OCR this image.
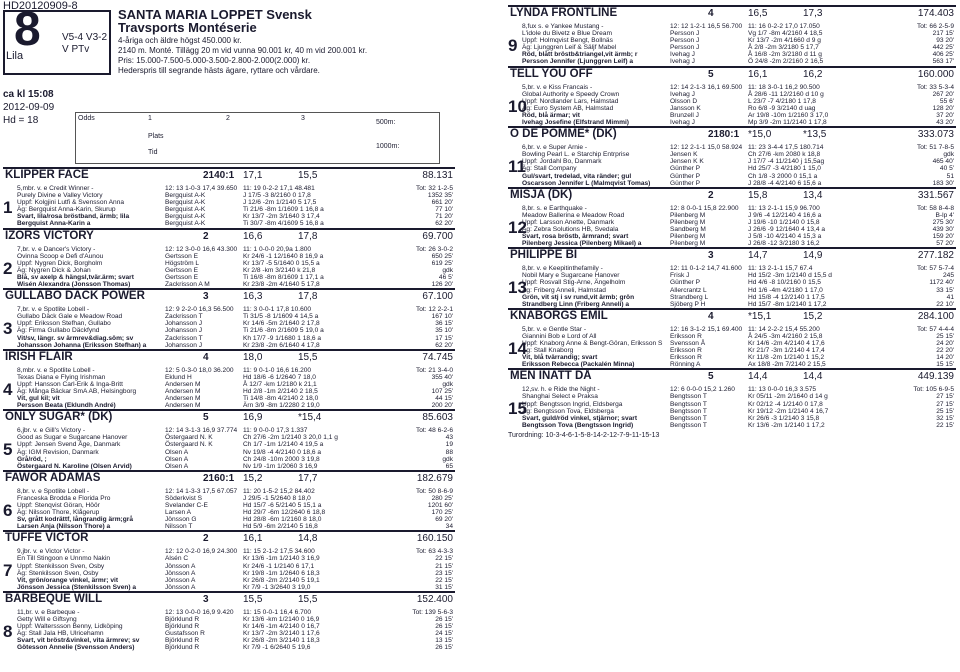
HD20120909-8
8
Lila
V5-4 V3-2
V PTv
SANTA MARIA LOPPET Svensk
Travsports Montéserie
4-åriga och äldre högst 450.000 kr.
2140 m. Monté. Tillägg 20 m vid vunna 90.001 kr, 40 m vid 200.001 kr.
Pris: 15.000-7.500-5.000-3.500-2.800-2.000(2.000) kr.
Hederspris till segrande hästs ägare, ryttare och vårdare.
ca kl 15:08
2012-09-09
Hd = 18	Odds	1	2	3
Plats
Tid
500m:
1000m:
KLIPPER FACE	2140:1 17,1	15,5	88.131
1
5,mbr. v. e Credit Winner -	12: 13 1-0-3 17,4 39.650 11: 19 0-2-2 17,1 48.481	Tot: 32 1-2-5
Purely Divine e Valley Victory	Bergquist A-K	J 17/5 -3 8/2160 0 17,8	1352 35'
Uppf: Kolgjini Lutfi & Svensson Anna	Bergquist A-K	J 12/6 -2m 1/2140 5 17,5	661 20'
Äg: Bergquist Anna-Karin, Skurup	Bergquist A-K	Ti 21/6 -8m 1/1609 1 16,8 a	77 10'
Svart, lila/rosa bröstband, ärmb; lila	Bergquist A-K	Kr 13/7 -2m 3/1640 3 17,4	71 20'
Bergquist Anna-Karin a	Bergquist A-K	Ti 30/7 -8m 4/1609 5 16,8 a	62 20'
IZORS VICTORY	2	16,6	17,8	69.700
2
7,br. v. e Dancer's Victory -	12: 12 3-0-0 16,6 43.300 11: 1 0-0-0 20,9a 1.800	Tot: 26 3-0-2
Ovinna Scoop e Defi d'Aunou	Gertsson E	Kr 24/6 -1 12/1640 8 16,9 a	650 25'
Uppf: Nygren Dick, Borgholm	Högström L	Kr 13/7 -5 5/1640 0 15,5 a	619 25'
Äg: Nygren Dick & Johan	Gertsson E	Kr 2/8 -km 3/2140 k 21,8	gdk
Blå, sv axelp & hängsl,tvär.ärm; svart	Gertsson E	Ti 16/8 -8m 8/1609 1 17,1 a	46 5'
Wisén Alexandra (Jonsson Thomas)	Zackrisson A M	Kr 23/8 -2m 4/1640 5 17,8	126 20'
GULLABO DÄCK POWER	3	16,3	17,8	67.100
3
7,br. v. e Spotlite Lobell -	12: 9 2-2-0 16,3 56.500 11: 3 0-0-1 17,8 10.600	Tot: 12 2-2-1
Gullabo Däck Gale e Meadow Road	Zackrisson T	Ti 31/5 -8 1/1609 4 14,5 a	167 10'
Uppf: Eriksson Stefhan, Gullabo	Johansson J	Kr 14/6 -5m 2/1640 2 17,8	36 15'
Äg: Firma Gullabo Däckfynd	Johansson J	Ti 21/6 -8m 2/1609 5 19,0 a	35 10'
Vit/sv, längr. sv ärmrev&diag.söm; sv	Zackrisson T	Kh 17/7 -9 1/1680 1 18,6 a	17 15'
Johansson Johanna (Eriksson Stefhan) a	Johansson J	Kr 23/8 -2m 6/1640 4 17,8	62 20'
IRISH FLAIR	4	18,0	15,5	74.745
4
8,mbr. v. e Spotlite Lobell -	12: 5 0-3-0 18,0 36.200 11: 9 0-1-0 16,6 16.200	Tot: 21 3-4-0
Texas Diana e Flying Irishman	Eklund H	Hd 18/6 -6 1/2640 7 18,0	355 40'
Uppf: Hansson Carl-Erik & Inga-Britt	Andersen M	Å 12/7 -km 1/2180 k 21,1	gdk
Äg: Många Bäckar SmA AB, Helsingborg	Andersen M	Hd 2/8 -1m 2/2140 2 18,5	107 25'
Vit, gul kil; vit	Andersen M	Ti 14/8 -8m 4/2140 2 18,0	44 15'
Persson Beata (Eklundh André)	Andersen M	Ärn 3/9 -8m 1/2280 2 19,0	200 20'
ONLY SUGAR* (DK)	5	16,9	*15,4	85.603
5
6,jbr. v. e Gill's Victory -	12: 14 3-1-3 16,9 37.774 11: 9 0-0-0 17,3 1.337	Tot: 48 6-2-6
Good as Sugar e Sugarcane Hanover	Östergaard N. K	Ch 27/6 -2m 1/2140 3 20,0 1,1 g	43
Uppf: Jensen Svend Åge, Danmark	Östergaard N. K	Ch 1/7 -1m 1/2140 4 19,5 a	19
Äg: IGM Revision, Danmark	Olsen A	Nv 19/8 -4 4/2140 0 18,6 a	88
Grå/röd, ;	Olsen A	Ch 24/8 -10m 2000 3 19,8	gdk
Östergaard N. Karoline (Olsen Arvid)	Olsen A	Nv 1/9 -1m 1/2060 3 16,9	65
FAWOR ADAMAS	2160:1 15,2	17,7	182.679
6
8,br. v. e Spotlite Lobell -	12: 14 1-3-3 17,5 67.057 11: 20 1-5-2 15,2 84.402	Tot: 50 8-6-9
Franceska Brodda e Florida Pro	Söderkvist S	J 29/5 -1 5/2640 8 18,0	280 25'
Uppf: Stenqvist Göran, Höör	Svelander C-E	Hd 15/7 -6 5/2140 5 15,1 a	1201 60'
Äg: Nilsson Thore, Klågerup	Larsen A	Hd 29/7 -6m 12/2640 6 18,8	170 25'
Sv, grått kodrättf, långrandig ärm;grå	Jönsson G	Hd 28/8 -6m 1/2160 8 18,0	69 20'
Larsen Anja (Nilsson Thore) a	Nilsson T	Hd 5/9 -6m 2/2140 5 16,8	34
TUFFE VICTOR	2	16,1	14,8	160.150
7
9,jbr. v. e Victor Victor -	12: 12 0-2-0 16,9 24.300 11: 15 2-1-2 17,5 34.600	Tot: 63 4-3-3
En Till Stingoon e Unnmo Nakin	Alsén C	Kr 13/6 -1m 1/2140 3 16,9	22 15'
Uppf: Stenkilsson Sven, Osby	Jönsson A	Kr 24/6 -1 1/2140 6 17,1	21 15'
Äg: Stenkilsson Sven, Osby	Jönsson A	Kr 19/8 -1m 1/2640 6 18,3	23 15'
Vit, grön/orange vinkel, ärmr; vit	Jönsson A	Kr 26/8 -2m 2/2140 5 19,1	22 15'
Jönsson Jessica (Stenkilsson Sven) a	Jönsson A	Kr 7/9 -1 3/2640 3 19,0	31 15'
BARBEQUE WILL	3	15,5	15,5	152.400
8
11,br. v. e Barbeque -	12: 13 0-0-0 16,9 9.420 11: 15 0-0-1 16,4 6.700	Tot: 139 5-6-3
Getty Will e Giftsyng	Björklund R	Kr 13/6 -km 1/2140 0 16,9	26 15'
Uppf: Walterssson Benny, Lidköping	Björklund R	Kr 14/6 -1m 4/2140 0 16,7	26 15'
Äg: Stall Jala HB, Ulricehamn	Gustafsson R	Kr 13/7 -2m 3/2140 1 17,6	24 15'
Svart, vit bröstr&vinkel, vita ärmrev; sv	Björklund R	Kr 26/8 -2m 3/2140 1 18,3	13 15'
Götesson Annelie (Svensson Anders)	Björklund R	Kr 7/9 -1 6/2640 5 19,6	26 15'
LYNDA FRONTLINE	4	16,5	17,3	174.403
9
8,fux s. e Yankee Mustang -	12: 12 1-2-1 16,5 56.700 11: 16 0-2-2 17,0 17.050	Tot: 66 2-5-9
L'idole du Bivetz e Blue Dream	Persson J	Vg 1/7 -8m 4/2160 4 18,5	217 15'
Uppf: Holmqvist Bengt, Bollnäs	Persson J	Kr 13/7 -2m 4/1660 d 9 g	93 20'
Äg: Ljunggren Leif & Säljf Mabel	Persson J	Å 2/8 -2m 3/2180 5 17,7	442 25'
Röd, blått bröstb&triangel,vit ärmb; r	Ivehag J	Å 16/8 -2m 3/2180 d 11 g	406 25'
Persson Jennifer (Ljunggren Leif) a	Ivehag J	Ö 24/8 -2m 2/2160 2 16,5	563 17'
TELL YOU OFF	5	16,1	16,2	160.000
10
5,br. v. e Kiss Francais -	12: 14 2-1-3 16,1 69.500 11: 18 3-0-1 16,2 90.500	Tot: 33 5-3-4
Global Authority e Speedy Crown	Ivehag J	Å 28/6 -11 12/2160 d 10 g	267 20'
Uppf: Nordlander Lars, Halmstad	Olsson D	L 23/7 -7 4/2180 1 17,8	55 6'
Äg: Euro System AB, Halmstad	Jansson K	Ro 6/8 -9 3/2140 d uag	128 20'
Röd, blå ärmar; vit	Brunzell J	Ar 19/8 -10m 1/2160 3 17,0	37 20'
Ivehag Josefine (Elfstrand Mimmi)	Ivehag J	Mp 3/9 -2m 11/2140 1 17,8	43 20'
O DE POMME* (DK)	2180:1 *15,0	*13,5	333.073
11
6,br. v. e Super Arnie -	12: 12 2-1-1 15,0 58.924 11: 23 3-4-4 17,5 180.714	Tot: 51 7-8-5
Bowling Pearl L. e Starchip Entrprise	Jensen K	Ch 27/6 -km 2080 k 18,8	gdk
Uppf: Jordahl Bo, Danmark	Jensen K K	J 17/7 -4 11/2140 j 15,5ag	465 40'
Äg: Stall Company	Günther P	Hd 25/7 -3 4/2180 1 15,0	40 5'
Gul/svart, tredelad, vita ränder; gul	Günther P	Ch 1/8 -3 2000 0 15,1 a	51
Oscarsson Jennifer L (Malmqvist Tomas)	Günther P	J 28/8 -4 4/2140 6 15,6 a	183 30'
MISJA (DK)	2	15,8	13,4	331.567
12
8,br. s. e Earthquake -	12: 8 0-0-1 15,8 22.900 11: 13 2-1-1 15,9 96.700	Tot: 58 8-4-8
Meadow Ballerina e Meadow Road	Pilenberg M	J 9/6 -4 12/2140 4 16,6 a	B-lp 4'
Uppf: Larsson Anette, Danmark	Pilenberg M	J 19/6 -10 1/2140 0 15,8	275 30'
Äg: Zebra Solutions HB, Svedala	Sandberg M	J 26/6 -9 12/1640 4 13,4 a	439 30'
Svart, rosa bröstb, ärmrand; svart	Pilenberg M	J 5/8 -10 4/2140 4 15,3 a	159 20'
Pilenberg Jessica (Pilenberg Mikael) a	Pilenberg M	J 26/8 -12 3/2180 3 16,2	57 20'
PHILIPPE BI	3	14,7	14,9	277.182
13
8,br. v. e Keepitinthefamily -	12: 11 0-1-2 14,7 41.600 11: 13 2-1-1 15,7 67.4	Tot: 57 5-7-4
Nobil Mary e Sugarcane Hanover	Frisk J	Hd 15/2 -3m 1/2140 d 15,5 d	245
Uppf: Rosvall Stig-Arne, Ängelholm	Günther P	Hd 4/6 -8 10/2160 0 15,5	1172 40'
Äg: Friberg Anneli, Halmstad	Allercrantz L	Hd 1/6 -4m 4/2180 1 17,0	33 15'
Grön, vit stj i sv rund,vit ärmb; grön	Strandberg L	Hd 15/8 -4 12/2140 1 17,5	41
Strandberg Linn (Friberg Anneli) a	Sjöberg P H	Hd 15/7 -8m 1/2140 1 17,2	22 10'
KNABORGS EMIL	4	*15,1	15,2	284.100
14
5,br. v. e Gentle Star -	12: 16 3-1-2 15,1 69.400 11: 14 2-2-2 15,4 55.200	Tot: 57 4-4-4
Giannini Bob e Lord of All	Eriksson R	Å 24/5 -3m 4/2160 2 15,8	25 15'
Uppf: Knaborg Anne & Bengt-Göran, Eriksson S Svensson Å	Kr 14/6 -2m 4/2140 4 17,6	24 20'
Äg: Stall Knaborg	Eriksson R	Kr 21/7 -3m 1/2140 4 17,4	22 20'
Vit, blå tvärrandig; svart	Eriksson R	Kr 11/8 -2m 1/2140 1 15,2	14 20'
Eriksson Rebecca (Packalén Minna)	Rönning A	Ax 18/8 -2m 7/2140 2 15,5	15 15'
MEN INATT DÅ	5	14,4	14,4	449.139
15
12,sv. h. e Ride the Night -	12: 6 0-0-0 15,2 1.260 11: 13 0-0-0 16,3 3.575	Tot: 105 6-9-5
Shanghai Select e Praksa	Bengtsson T	Kr 05/11 -2m 2/1640 d 14 g	27 15'
Uppf: Bengtsson Ingrid, Eldsberga	Bengtsson T	Kr 02/12 -4 1/2140 0 17,8	27 15'
Äg: Bengtsson Tova, Eldsberga	Bengtsson T	Kr 19/12 -2m 1/2140 4 16,7	25 15'
Svart, guld/röd vinkel, stjärnor; svart	Bengtsson T	Kr 26/6 -3 1/2140 3 15,8	32 15'
Bengtsson Tova (Bengtsson Ingrid)	Bengtsson T	Kr 13/6 -2m 1/2140 1 17,2	22 15'
Turordning: 10-3-4-6-1-5-8-14-2-12-7-9-11-15-13
